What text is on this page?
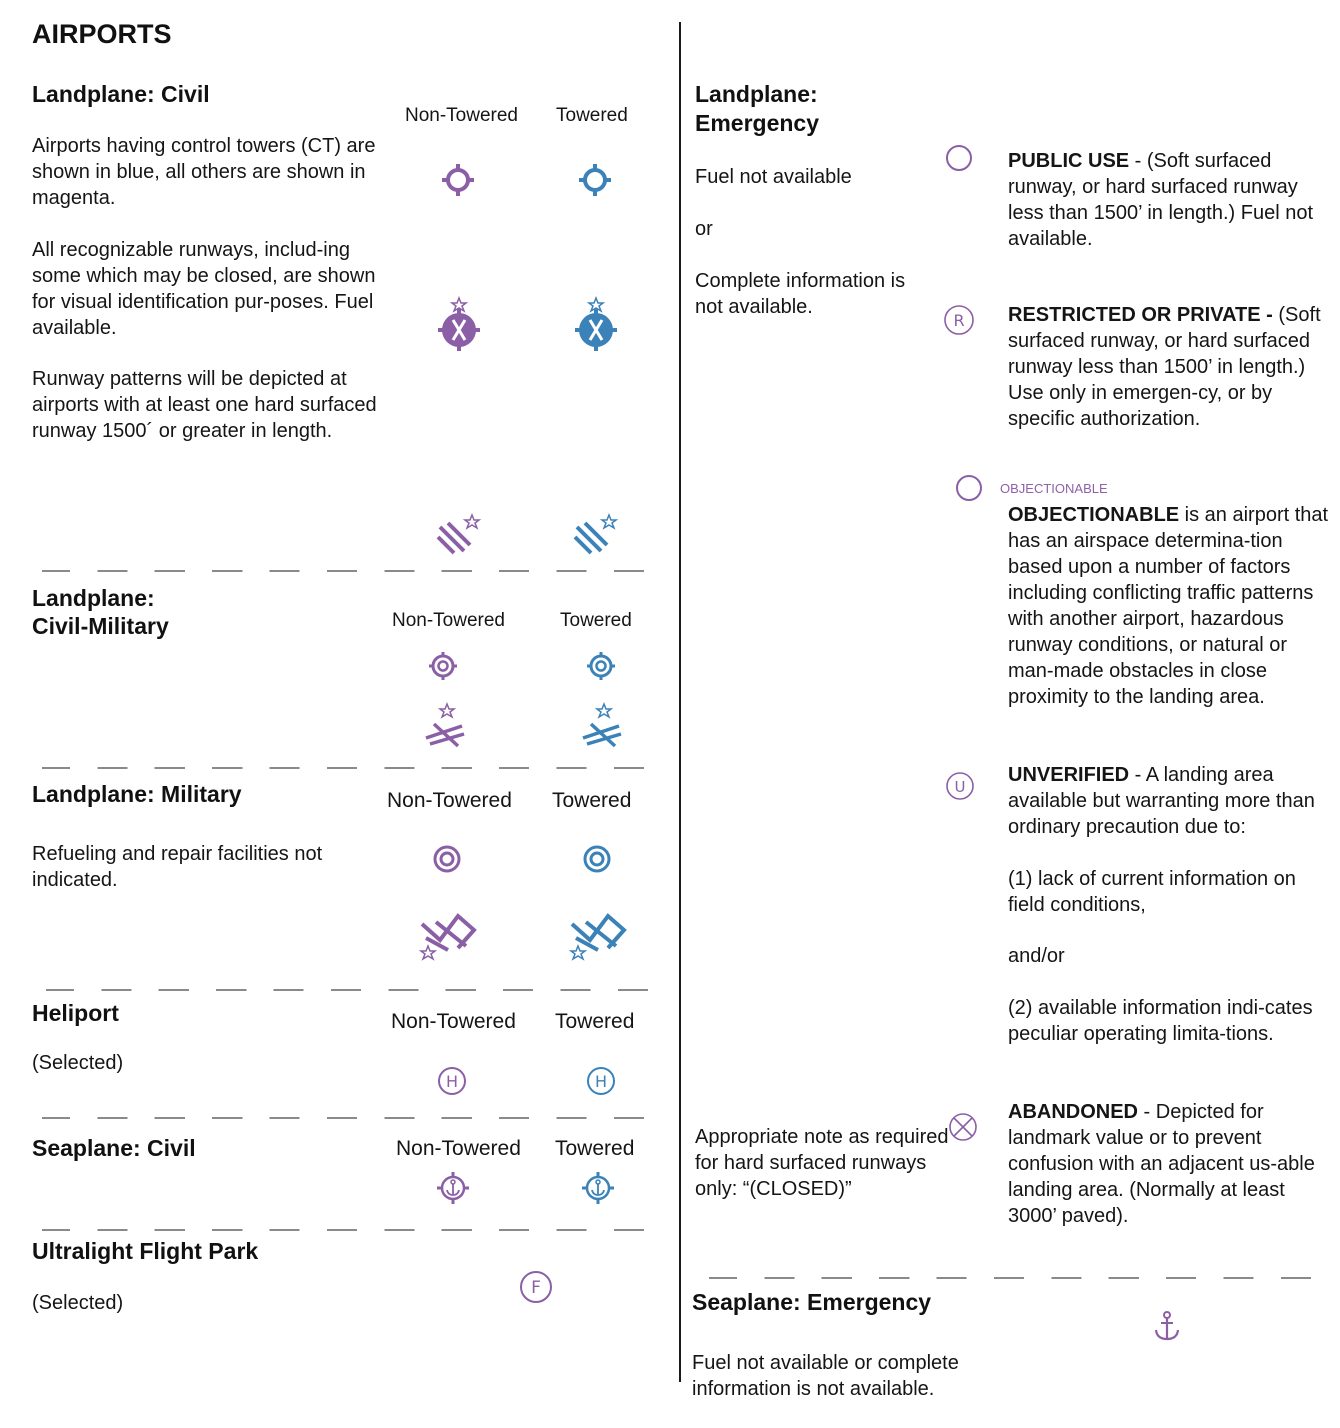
AIRPORTS
Landplane: Civil
Non-Towered Towered
Airports having control towers (CT) are shown in blue, all others are shown in magenta.
All recognizable runways, includ-ing some which may be closed, are shown for visual identification pur-poses. Fuel available.
Runway patterns will be depicted at airports with at least one hard surfaced runway 1500´ or greater in length.
Landplane:
Civil-Military	Non-Towered	Towered
Landplane: Military	Non-Towered Towered
Refueling and repair facilities not indicated.
Heliport
(Selected)
Non-Towered Towered
H	H
Seaplane: Civil	Non-Towered Towered
Ultralight Flight Park
(Selected)
F
Landplane:
Emergency
Fuel not available
or
Complete information is not available.
PUBLIC USE - (Soft surfaced runway, or hard surfaced runway less than 1500’ in length.) Fuel not available.
R RESTRICTED OR PRIVATE - (Soft surfaced runway, or hard surfaced runway less than 1500’ in length.) Use only in emergen-cy, or by specific authorization.
OBJECTIONABLE
OBJECTIONABLE is an airport that has an airspace determina-tion based upon a number of factors including conflicting traffic patterns with another airport, hazardous runway conditions, or natural or man-made obstacles in close proximity to the landing area.
U
UNVERIFIED - A landing area available but warranting more than ordinary precaution due to:
(1) lack of current information on field conditions,
and/or
(2) available information indi-cates peculiar operating limita-tions.
Appropriate note as required for hard surfaced runways only: “(CLOSED)”
ABANDONED - Depicted for landmark value or to prevent confusion with an adjacent us-able landing area. (Normally at least 3000’ paved).
Seaplane: Emergency
Fuel not available or complete information is not available.
